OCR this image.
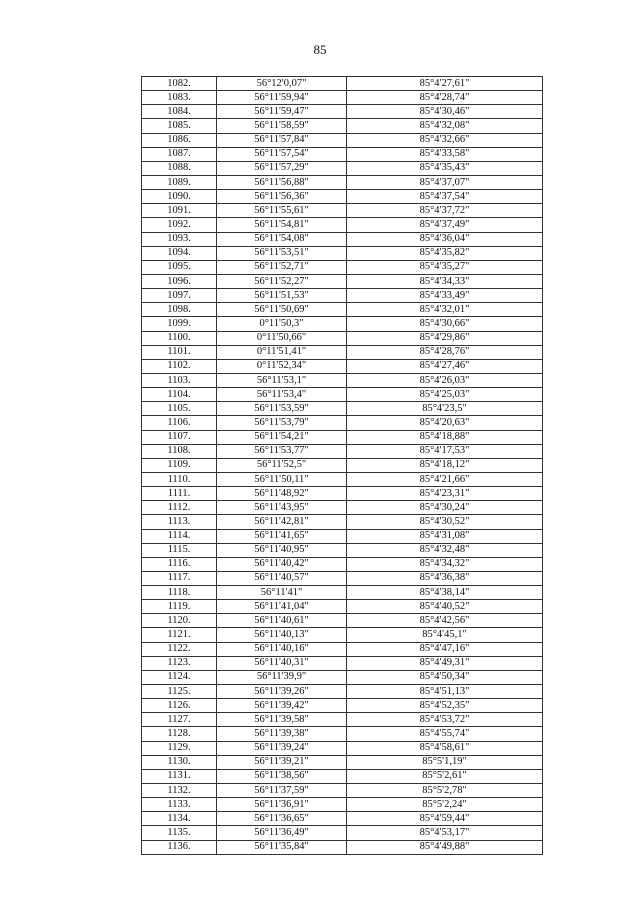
85
1082.	56°12'0,07"	85°4'27,61"
1083.	56°11'59,94"	85°4'28,74"
1084.	56°11'59,47"	85°4'30,46"
1085.	56°11'58,59"	85°4'32,08"
1086.	56°11'57,84"	85°4'32,66"
1087.	56°11'57,54"	85°4'33,58"
1088.	56°11'57,29"	85°4'35,43"
1089.	56°11'56,88"	85°4'37,07"
1090.	56°11'56,36"	85°4'37,54"
1091.	56°11'55,61"	85°4'37,72"
1092.	56°11'54,81"	85°4'37,49"
1093.	56°11'54,08"	85°4'36,04"
1094.	56°11'53,51"	85°4'35,82"
1095.	56°11'52,71"	85°4'35,27"
1096.	56°11'52,27"	85°4'34,33"
1097.	56°11'51,53"	85°4'33,49"
1098.	56°11'50,69"	85°4'32,01"
1099.	0°11'50,3"	85°4'30,66"
1100.	0°11'50,66"	85°4'29,86"
1101.	0°11'51,41"	85°4'28,76"
1102.	0°11'52,34"	85°4'27,46"
1103.	56°11'53,1"	85°4'26,03"
1104.	56°11'53,4"	85°4'25,03"
1105.	56°11'53,59"	85°4'23,5"
1106.	56°11'53,79"	85°4'20,63"
1107.	56°11'54,21"	85°4'18,88"
1108.	56°11'53,77"	85°4'17,53"
1109.	56°11'52,5"	85°4'18,12"
1110.	56°11'50,11"	85°4'21,66"
1111.	56°11'48,92"	85°4'23,31"
1112.	56°11'43,95"	85°4'30,24"
1113.	56°11'42,81"	85°4'30,52"
1114.	56°11'41,65"	85°4'31,08"
1115.	56°11'40,95"	85°4'32,48"
1116.	56°11'40,42"	85°4'34,32"
1117.	56°11'40,57"	85°4'36,38"
1118.	56°11'41"	85°4'38,14"
1119.	56°11'41,04"	85°4'40,52"
1120.	56°11'40,61"	85°4'42,56"
1121.	56°11'40,13"	85°4'45,1"
1122.	56°11'40,16"	85°4'47,16"
1123.	56°11'40,31"	85°4'49,31"
1124.	56°11'39,9"	85°4'50,34"
1125.	56°11'39,26"	85°4'51,13"
1126.	56°11'39,42"	85°4'52,35"
1127.	56°11'39,58"	85°4'53,72"
1128.	56°11'39,38"	85°4'55,74"
1129.	56°11'39,24"	85°4'58,61"
1130.	56°11'39,21"	85°5'1,19"
1131.	56°11'38,56"	85°5'2,61"
1132.	56°11'37,59"	85°5'2,78"
1133.	56°11'36,91"	85°5'2,24"
1134.	56°11'36,65"	85°4'59,44"
1135.	56°11'36,49"	85°4'53,17"
1136.	56°11'35,84"	85°4'49,88"
